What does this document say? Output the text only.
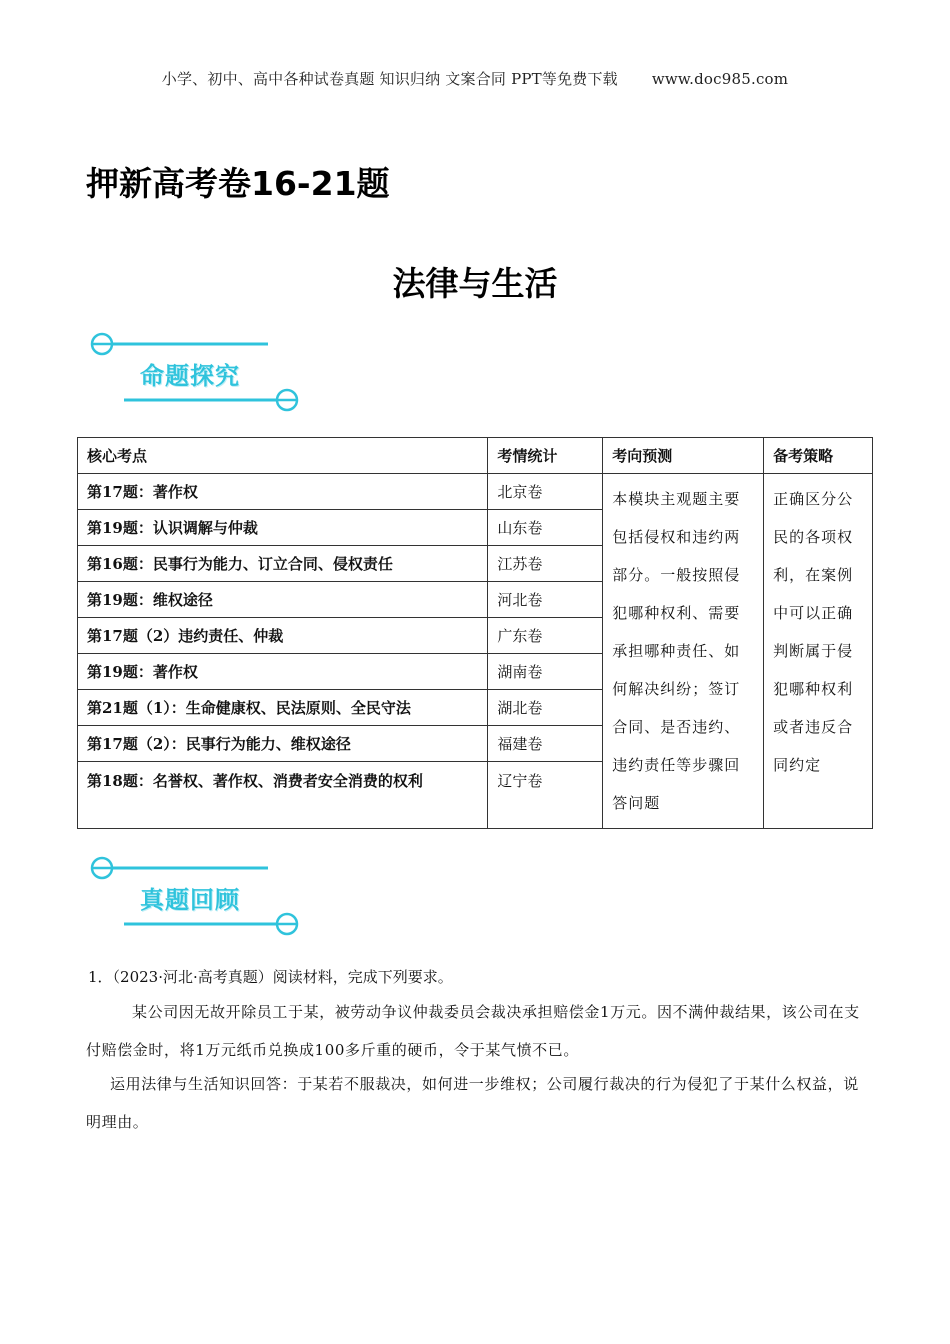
小学、初中、高中各种试卷真题 知识归纳 文案合同 PPT等免费下载 www.doc985.com
押新高考卷16-21题
法律与生活
命题探究
核心考点	考情统计	考向预测	备考策略
第17题：著作权	北京卷	本模块主观题主要包括侵权和违约两部分。一般按照侵犯哪种权利、需要承担哪种责任、如何解决纠纷；签订合同、是否违约、违约责任等步骤回答问题	正确区分公民的各项权利，在案例中可以正确判断属于侵犯哪种权利或者违反合同约定
第19题：认识调解与仲裁	山东卷		
第16题：民事行为能力、订立合同、侵权责任	江苏卷		
第19题：维权途径	河北卷		
第17题（2）违约责任、仲裁	广东卷		
第19题：著作权	湖南卷		
第21题（1）：生命健康权、民法原则、全民守法	湖北卷		
第17题（2）：民事行为能力、维权途径	福建卷		
第18题：名誉权、著作权、消费者安全消费的权利	辽宁卷		
真题回顾
1．（2023·河北·高考真题）阅读材料，完成下列要求。
某公司因无故开除员工于某，被劳动争议仲裁委员会裁决承担赔偿金1万元。因不满仲裁结果，该公司在支付赔偿金时，将1万元纸币兑换成100多斤重的硬币，令于某气愤不已。
运用法律与生活知识回答：于某若不服裁决，如何进一步维权；公司履行裁决的行为侵犯了于某什么权益，说明理由。
